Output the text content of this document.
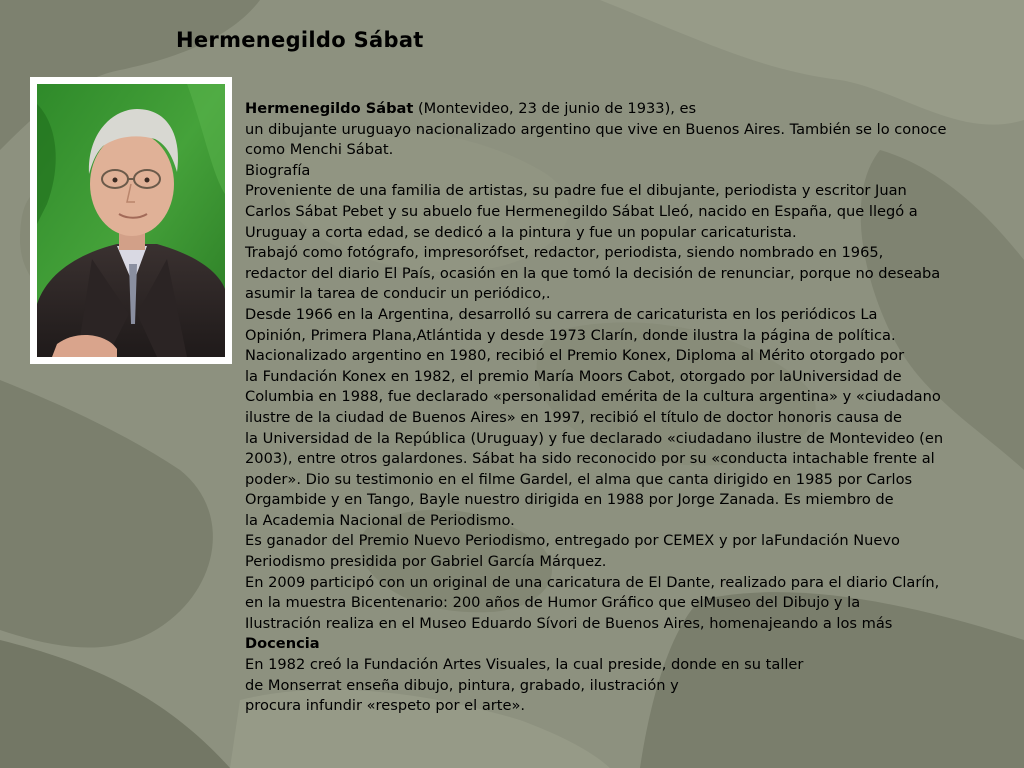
Hermenegildo Sábat
Hermenegildo Sábat (Montevideo, 23 de junio de 1933), es
un dibujante uruguayo nacionalizado argentino que vive en Buenos Aires. También se lo conoce
como Menchi Sábat.
Biografía
Proveniente de una familia de artistas, su padre fue el dibujante, periodista y escritor Juan
Carlos Sábat Pebet y su abuelo fue Hermenegildo Sábat Lleó, nacido en España, que llegó a
Uruguay a corta edad, se dedicó a la pintura y fue un popular caricaturista.
Trabajó como fotógrafo, impresorófset, redactor, periodista, siendo nombrado en 1965,
redactor del diario El País, ocasión en la que tomó la decisión de renunciar, porque no deseaba
asumir la tarea de conducir un periódico,.
Desde 1966 en la Argentina, desarrolló su carrera de caricaturista en los periódicos La
Opinión, Primera Plana,Atlántida y desde 1973 Clarín, donde ilustra la página de política.
Nacionalizado argentino en 1980, recibió el Premio Konex, Diploma al Mérito otorgado por
la Fundación Konex en 1982, el premio María Moors Cabot, otorgado por laUniversidad de
Columbia en 1988, fue declarado «personalidad emérita de la cultura argentina» y «ciudadano
ilustre de la ciudad de Buenos Aires» en 1997, recibió el título de doctor honoris causa de
la Universidad de la República (Uruguay) y fue declarado «ciudadano ilustre de Montevideo (en
2003), entre otros galardones. Sábat ha sido reconocido por su «conducta intachable frente al
poder». Dio su testimonio en el filme Gardel, el alma que canta dirigido en 1985 por Carlos
Orgambide y en Tango, Bayle nuestro dirigida en 1988 por Jorge Zanada. Es miembro de
la Academia Nacional de Periodismo.
Es ganador del Premio Nuevo Periodismo, entregado por CEMEX y por laFundación Nuevo
Periodismo presidida por Gabriel García Márquez.
En 2009 participó con un original de una caricatura de El Dante, realizado para el diario Clarín,
en la muestra Bicentenario: 200 años de Humor Gráfico que elMuseo del Dibujo y la
Ilustración realiza en el Museo Eduardo Sívori de Buenos Aires, homenajeando a los más
Docencia
En 1982 creó la Fundación Artes Visuales, la cual preside, donde en su taller
de Monserrat enseña dibujo, pintura, grabado, ilustración y
procura infundir «respeto por el arte».
